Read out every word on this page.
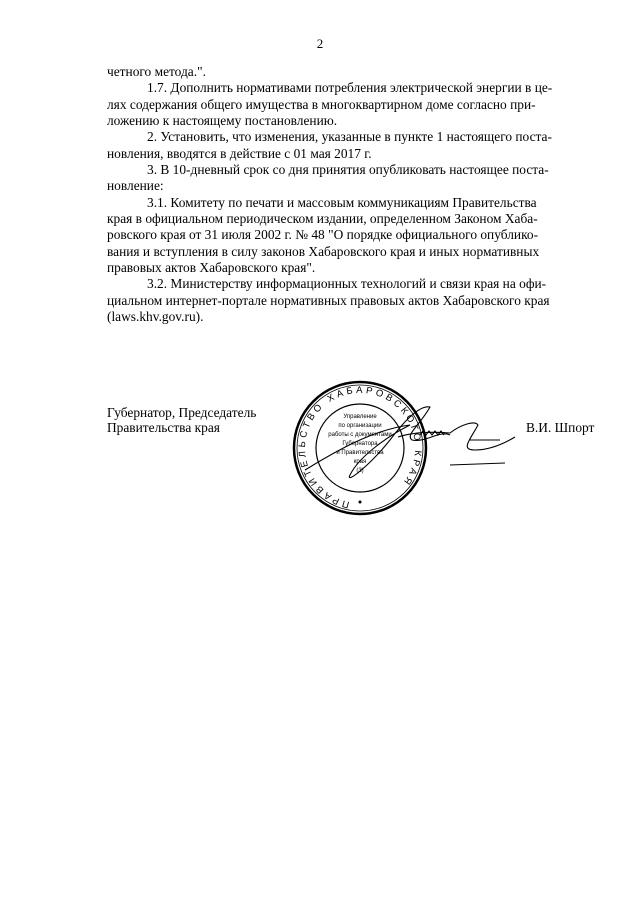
2
четного метода.".
1.7. Дополнить нормативами потребления электрической энергии в це-
лях содержания общего имущества в многоквартирном доме согласно при-
ложению к настоящему постановлению.
2. Установить, что изменения, указанные в пункте 1 настоящего поста-
новления, вводятся в действие с 01 мая 2017 г.
3. В 10-дневный срок со дня принятия опубликовать настоящее поста-
новление:
3.1. Комитету по печати и массовым коммуникациям Правительства
края в официальном периодическом издании, определенном Законом Хаба-
ровского края от 31 июля 2002 г. № 48 "О порядке официального опублико-
вания и вступления в силу законов Хабаровского края и иных нормативных
правовых актов Хабаровского края".
3.2. Министерству информационных технологий и связи края на офи-
циальном интернет-портале нормативных правовых актов Хабаровского края
(laws.khv.gov.ru).
Губернатор, Председатель
Правительства края	В.И. Шпорт
ПРАВИТЕЛЬСТВО ХАБАРОВСКОГО КРАЯ
Управление
по организации
работы с документами
Губернатора
и Правительства
края
(3)
